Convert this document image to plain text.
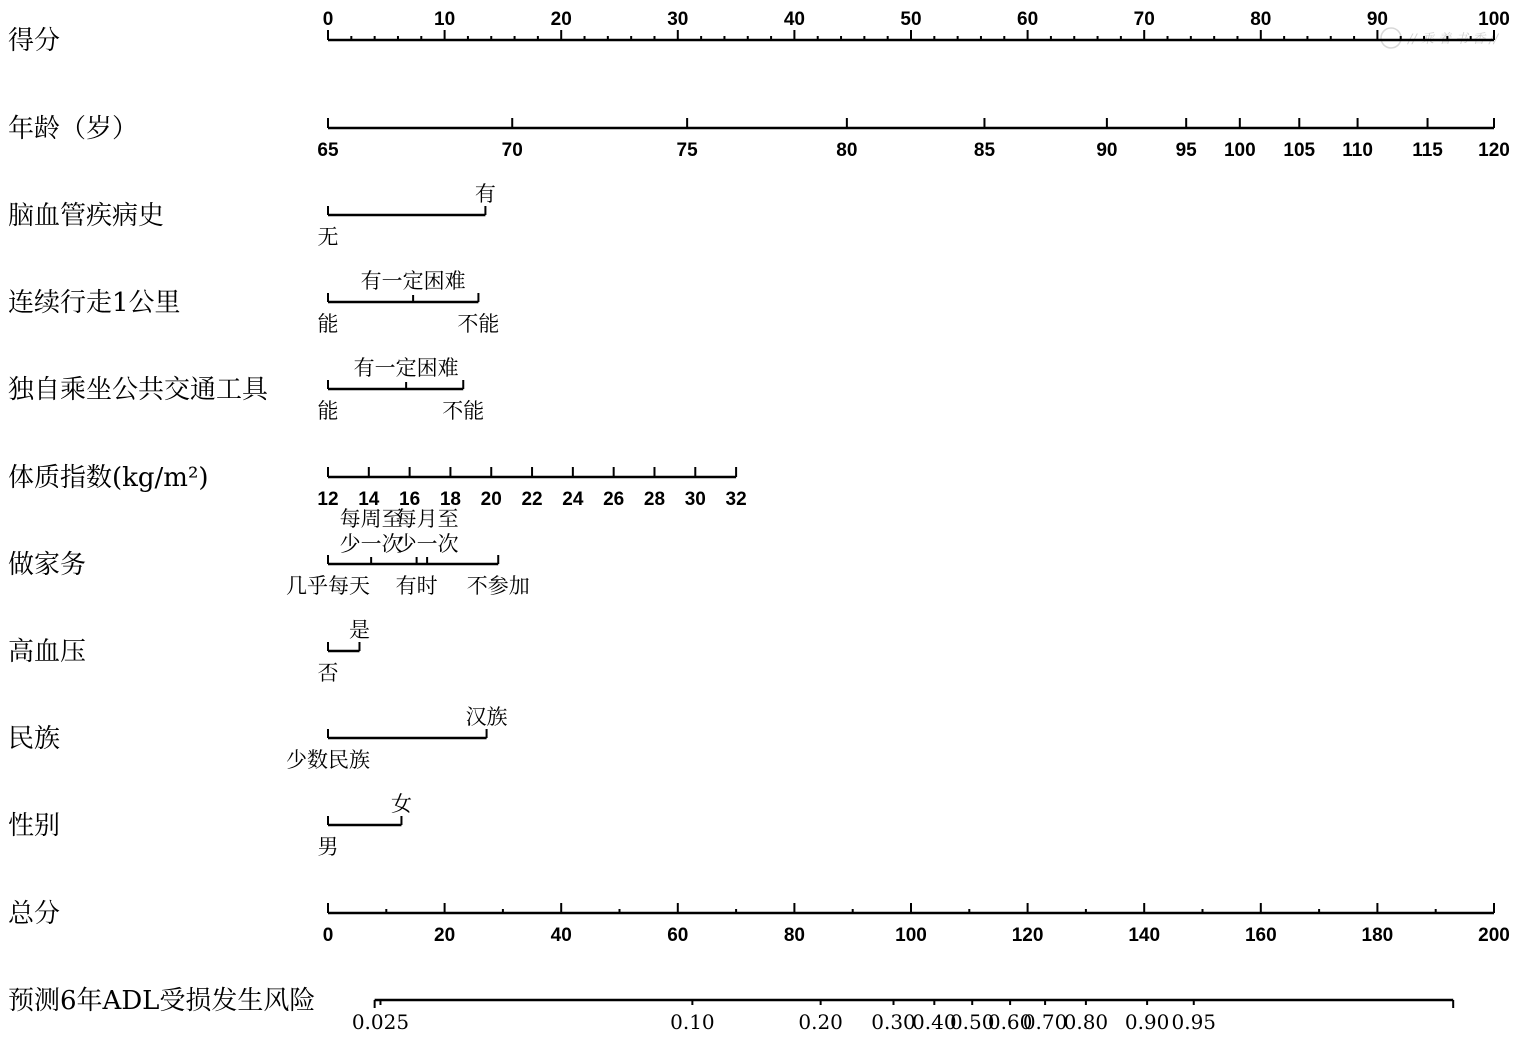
// 乘 着 书 香 //
得分
0	10	20	30	40	50	60	70	80	90	100
年龄（岁）
65	70	75	80	85	90	95 100 105 110 115 120
脑血管疾病史
无
有
连续行走1公里
能
有一定困难
不能
独自乘坐公共交通工具
能
有一定困难
不能
体质指数(kg/m²)
12 14 16 18 20 22 24 26 28 30 32
做家务
几乎每天
每周至
少一次
有时
每月至
少一次
不参加
高血压
否
是
民族
少数民族
汉族
性别
男
女
总分
0	20	40	60	80	100	120	140	160	180	200
预测6年ADL受损发生风险
0.025	0.10	0.20 0.30
0.40
0.50
0.60
0.70
0.80 0.90 0.95
